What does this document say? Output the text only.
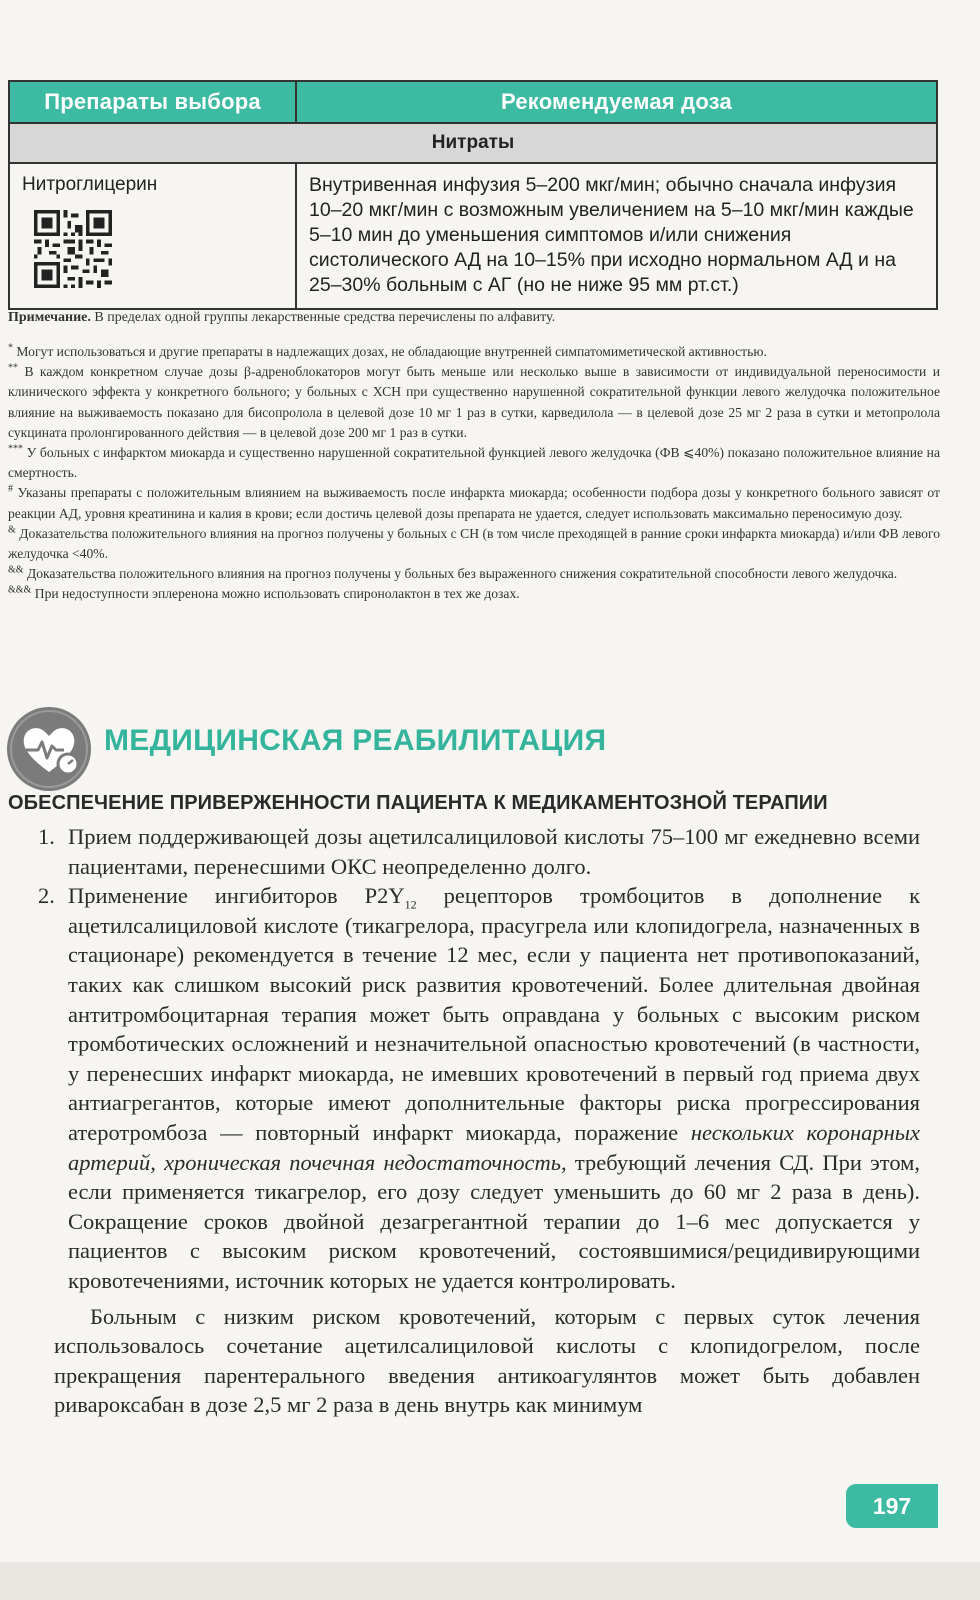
Препараты выбора	Рекомендуемая доза
Нитраты	
Нитроглицерин	Внутривенная инфузия 5–200 мкг/мин; обычно сначала инфузия 10–20 мкг/мин с возможным увеличением на 5–10 мкг/мин каждые 5–10 мин до уменьшения симптомов и/или снижения систолического АД на 10–15% при исходно нормальном АД и на 25–30% больным с АГ (но не ниже 95 мм рт.ст.)
Примечание. В пределах одной группы лекарственные средства перечислены по алфавиту.

* Могут использоваться и другие препараты в надлежащих дозах, не обладающие внутренней симпатомиметической активностью.

** В каждом конкретном случае дозы β-адреноблокаторов могут быть меньше или несколько выше в зависимости от индивидуальной переносимости и клинического эффекта у конкретного больного; у больных с ХСН при существенно нарушенной сократительной функции левого желудочка положительное влияние на выживаемость показано для бисопролола в целевой дозе 10 мг 1 раз в сутки, карведилола — в целевой дозе 25 мг 2 раза в сутки и метопролола сукцината пролонгированного действия — в целевой дозе 200 мг 1 раз в сутки.

*** У больных с инфарктом миокарда и существенно нарушенной сократительной функцией левого желудочка (ФВ ⩽40%) показано положительное влияние на смертность.

# Указаны препараты с положительным влиянием на выживаемость после инфаркта миокарда; особенности подбора дозы у конкретного больного зависят от реакции АД, уровня креатинина и калия в крови; если достичь целевой дозы препарата не удается, следует использовать максимально переносимую дозу.

& Доказательства положительного влияния на прогноз получены у больных с СН (в том числе преходящей в ранние сроки инфаркта миокарда) и/или ФВ левого желудочка <40%.

&& Доказательства положительного влияния на прогноз получены у больных без выраженного снижения сократительной способности левого желудочка.

&&& При недоступности эплеренона можно использовать спиронолактон в тех же дозах.

МЕДИЦИНСКАЯ РЕАБИЛИТАЦИЯ
ОБЕСПЕЧЕНИЕ ПРИВЕРЖЕННОСТИ ПАЦИЕНТА К МЕДИКАМЕНТОЗНОЙ ТЕРАПИИ
1. Прием поддерживающей дозы ацетилсалициловой кислоты 75–100 мг ежедневно всеми пациентами, перенесшими ОКС неопределенно долго.

2. Применение ингибиторов $P2Y_{12}$ рецепторов тромбоцитов в дополнение к ацетилсалициловой кислоте (тикагрелора, прасугрела или клопидогрела, назначенных в стационаре) рекомендуется в течение 12 мес, если у пациента нет противопоказаний, таких как слишком высокий риск развития кровотечений. Более длительная двойная антитромбоцитарная терапия может быть оправдана у больных с высоким риском тромботических осложнений и незначительной опасностью кровотечений (в частности, у перенесших инфаркт миокарда, не имевших кровотечений в первый год приема двух антиагрегантов, которые имеют дополнительные факторы риска прогрессирования атеротромбоза — повторный инфаркт миокарда, поражение нескольких коронарных артерий, хроническая почечная недостаточность, требующий лечения СД. При этом, если применяется тикагрелор, его дозу следует уменьшить до 60 мг 2 раза в день). Сокращение сроков двойной дезагрегантной терапии до 1–6 мес допускается у пациентов с высоким риском кровотечений, состоявшимися/рецидивирующими кровотечениями, источник которых не удается контролировать.

Больным с низким риском кровотечений, которым с первых суток лечения использовалось сочетание ацетилсалициловой кислоты с клопидогрелом, после прекращения парентерального введения антикоагулянтов может быть добавлен ривароксабан в дозе 2,5 мг 2 раза в день внутрь как минимум

197
